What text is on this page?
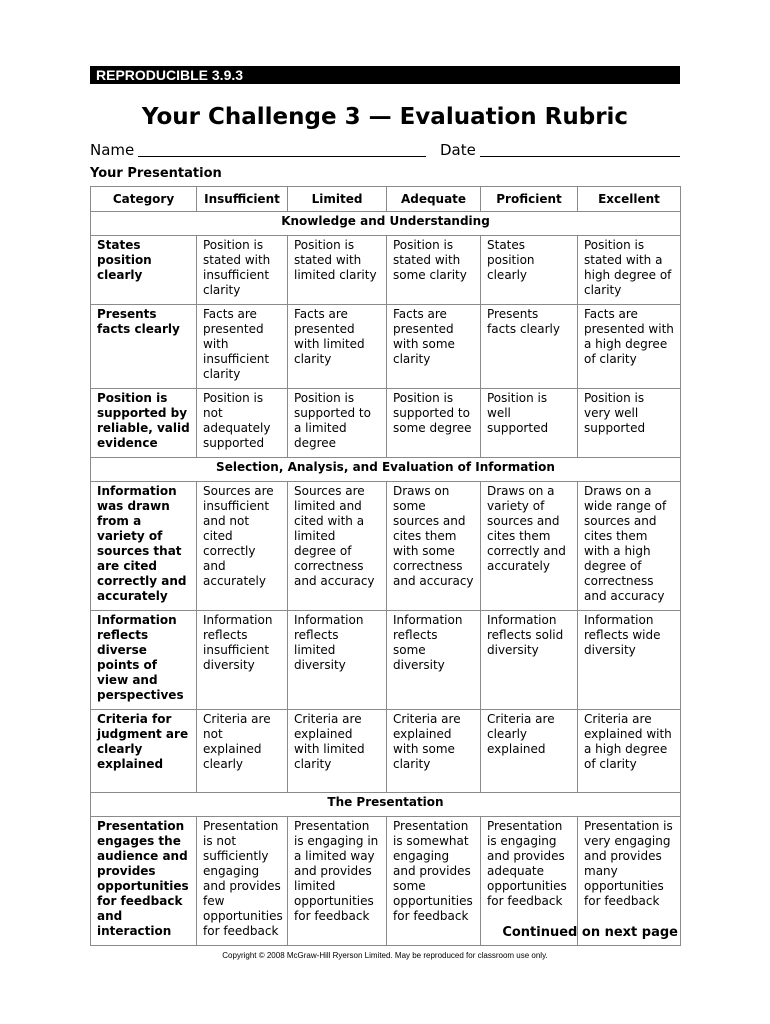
REPRODUCIBLE 3.9.3
Your Challenge 3 — Evaluation Rubric
Name	Date
Your Presentation
Category	Insufficient	Limited	Adequate	Proficient	Excellent
Knowledge and Understanding					
States position clearly	Position is stated with insufficient clarity	Position is stated with limited clarity	Position is stated with some clarity	States position clearly	Position is stated with a high degree of clarity
Presents facts clearly	Facts are presented with insufficient clarity	Facts are presented with limited clarity	Facts are presented with some clarity	Presents facts clearly	Facts are presented with a high degree of clarity
Position is supported by reliable, valid evidence	Position is not adequately supported	Position is supported to a limited degree	Position is supported to some degree	Position is well supported	Position is very well supported
Selection, Analysis, and Evaluation of Information					
Information was drawn from a variety of sources that are cited correctly and accurately	Sources are insufficient and not cited correctly and accurately	Sources are limited and cited with a limited degree of correctness and accuracy	Draws on some sources and cites them with some correctness and accuracy	Draws on a variety of sources and cites them correctly and accurately	Draws on a wide range of sources and cites them with a high degree of correctness and accuracy
Information reflects diverse points of view and perspectives	Information reflects insufficient diversity	Information reflects limited diversity	Information reflects some diversity	Information reflects solid diversity	Information reflects wide diversity
Criteria for judgment are clearly explained	Criteria are not explained clearly	Criteria are explained with limited clarity	Criteria are explained with some clarity	Criteria are clearly explained	Criteria are explained with a high degree of clarity
The Presentation					
Presentation engages the audience and provides opportunities for feedback and interaction	Presentation is not sufficiently engaging and provides few opportunities for feedback	Presentation is engaging in a limited way and provides limited opportunities for feedback	Presentation is somewhat engaging and provides some opportunities for feedback	Presentation is engaging and provides adequate opportunities for feedback	Presentation is very engaging and provides many opportunities for feedback
Continued on next page
Copyright © 2008 McGraw-Hill Ryerson Limited. May be reproduced for classroom use only.
